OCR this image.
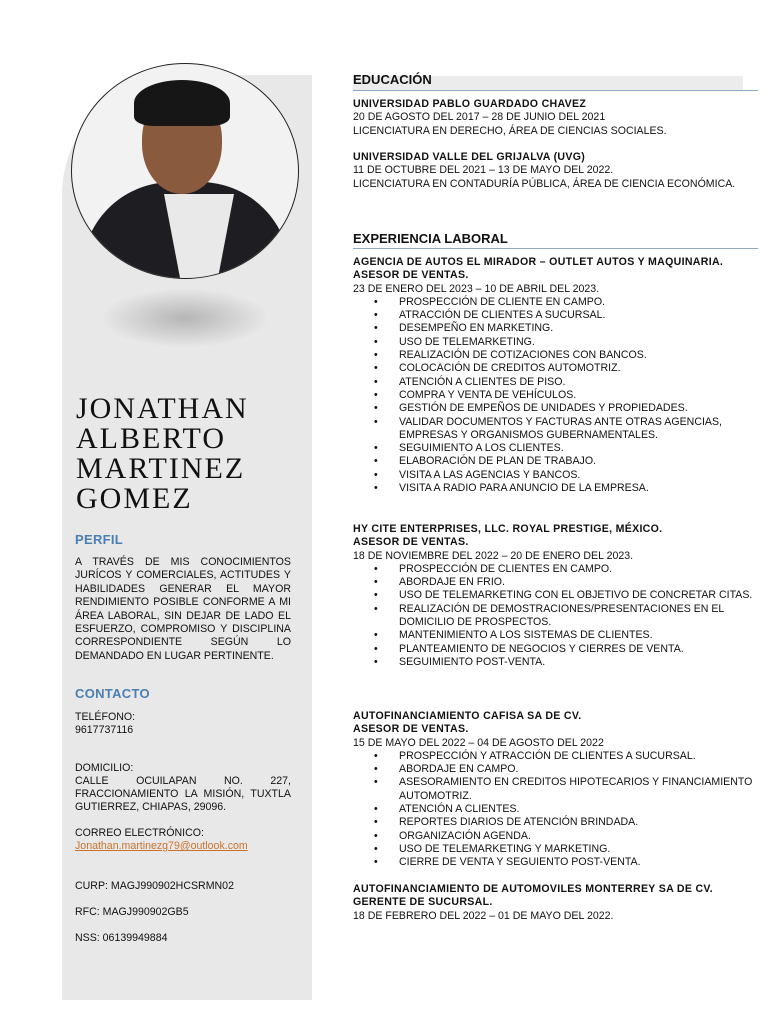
JONATHAN
ALBERTO
MARTINEZ
GOMEZ
PERFIL
A TRAVÉS DE MIS CONOCIMIENTOS JURÍCOS Y COMERCIALES, ACTITUDES Y HABILIDADES GENERAR EL MAYOR RENDIMIENTO POSIBLE CONFORME A MI ÁREA LABORAL, SIN DEJAR DE LADO EL ESFUERZO, COMPROMISO Y DISCIPLINA CORRESPONDIENTE SEGÚN LO DEMANDADO EN LUGAR PERTINENTE.
CONTACTO
TELÉFONO:
9617737116
DOMICILIO:
CALLE OCUILAPAN NO. 227, FRACCIONAMIENTO LA MISIÓN, TUXTLA GUTIERREZ, CHIAPAS, 29096.
CORREO ELECTRÓNICO:
Jonathan.martinezg79@outlook.com
CURP: MAGJ990902HCSRMN02
RFC: MAGJ990902GB5
NSS: 06139949884
EDUCACIÓN
UNIVERSIDAD PABLO GUARDADO CHAVEZ
20 DE AGOSTO DEL 2017 – 28 DE JUNIO DEL 2021
LICENCIATURA EN DERECHO, ÁREA DE CIENCIAS SOCIALES.
UNIVERSIDAD VALLE DEL GRIJALVA (UVG)
11 DE OCTUBRE DEL 2021 – 13 DE MAYO DEL 2022.
LICENCIATURA EN CONTADURÍA PÚBLICA, ÁREA DE CIENCIA ECONÓMICA.
EXPERIENCIA LABORAL
AGENCIA DE AUTOS EL MIRADOR – OUTLET AUTOS Y MAQUINARIA.
ASESOR DE VENTAS.
23 DE ENERO DEL 2023 – 10 DE ABRIL DEL 2023.
• PROSPECCIÓN DE CLIENTE EN CAMPO.
• ATRACCIÓN DE CLIENTES A SUCURSAL.
• DESEMPEÑO EN MARKETING.
• USO DE TELEMARKETING.
• REALIZACIÓN DE COTIZACIONES CON BANCOS.
• COLOCACIÓN DE CREDITOS AUTOMOTRIZ.
• ATENCIÓN A CLIENTES DE PISO.
• COMPRA Y VENTA DE VEHÍCULOS.
• GESTIÓN DE EMPEÑOS DE UNIDADES Y PROPIEDADES.
• VALIDAR DOCUMENTOS Y FACTURAS ANTE OTRAS AGENCIAS, EMPRESAS Y ORGANISMOS GUBERNAMENTALES.
• SEGUIMIENTO A LOS CLIENTES.
• ELABORACIÓN DE PLAN DE TRABAJO.
• VISITA A LAS AGENCIAS Y BANCOS.
• VISITA A RADIO PARA ANUNCIO DE LA EMPRESA.
HY CITE ENTERPRISES, LLC. ROYAL PRESTIGE, MÉXICO.
ASESOR DE VENTAS.
18 DE NOVIEMBRE DEL 2022 – 20 DE ENERO DEL 2023.
• PROSPECCIÓN DE CLIENTES EN CAMPO.
• ABORDAJE EN FRIO.
• USO DE TELEMARKETING CON EL OBJETIVO DE CONCRETAR CITAS.
• REALIZACIÓN DE DEMOSTRACIONES/PRESENTACIONES EN EL DOMICILIO DE PROSPECTOS.
• MANTENIMIENTO A LOS SISTEMAS DE CLIENTES.
• PLANTEAMIENTO DE NEGOCIOS Y CIERRES DE VENTA.
• SEGUIMIENTO POST-VENTA.
AUTOFINANCIAMIENTO CAFISA SA DE CV.
ASESOR DE VENTAS.
15 DE MAYO DEL 2022 – 04 DE AGOSTO DEL 2022
• PROSPECCIÓN Y ATRACCIÓN DE CLIENTES A SUCURSAL.
• ABORDAJE EN CAMPO.
• ASESORAMIENTO EN CREDITOS HIPOTECARIOS Y FINANCIAMIENTO AUTOMOTRIZ.
• ATENCIÓN A CLIENTES.
• REPORTES DIARIOS DE ATENCIÓN BRINDADA.
• ORGANIZACIÓN AGENDA.
• USO DE TELEMARKETING Y MARKETING.
• CIERRE DE VENTA Y SEGUIENTO POST-VENTA.
AUTOFINANCIAMIENTO DE AUTOMOVILES MONTERREY SA DE CV.
GERENTE DE SUCURSAL.
18 DE FEBRERO DEL 2022 – 01 DE MAYO DEL 2022.
